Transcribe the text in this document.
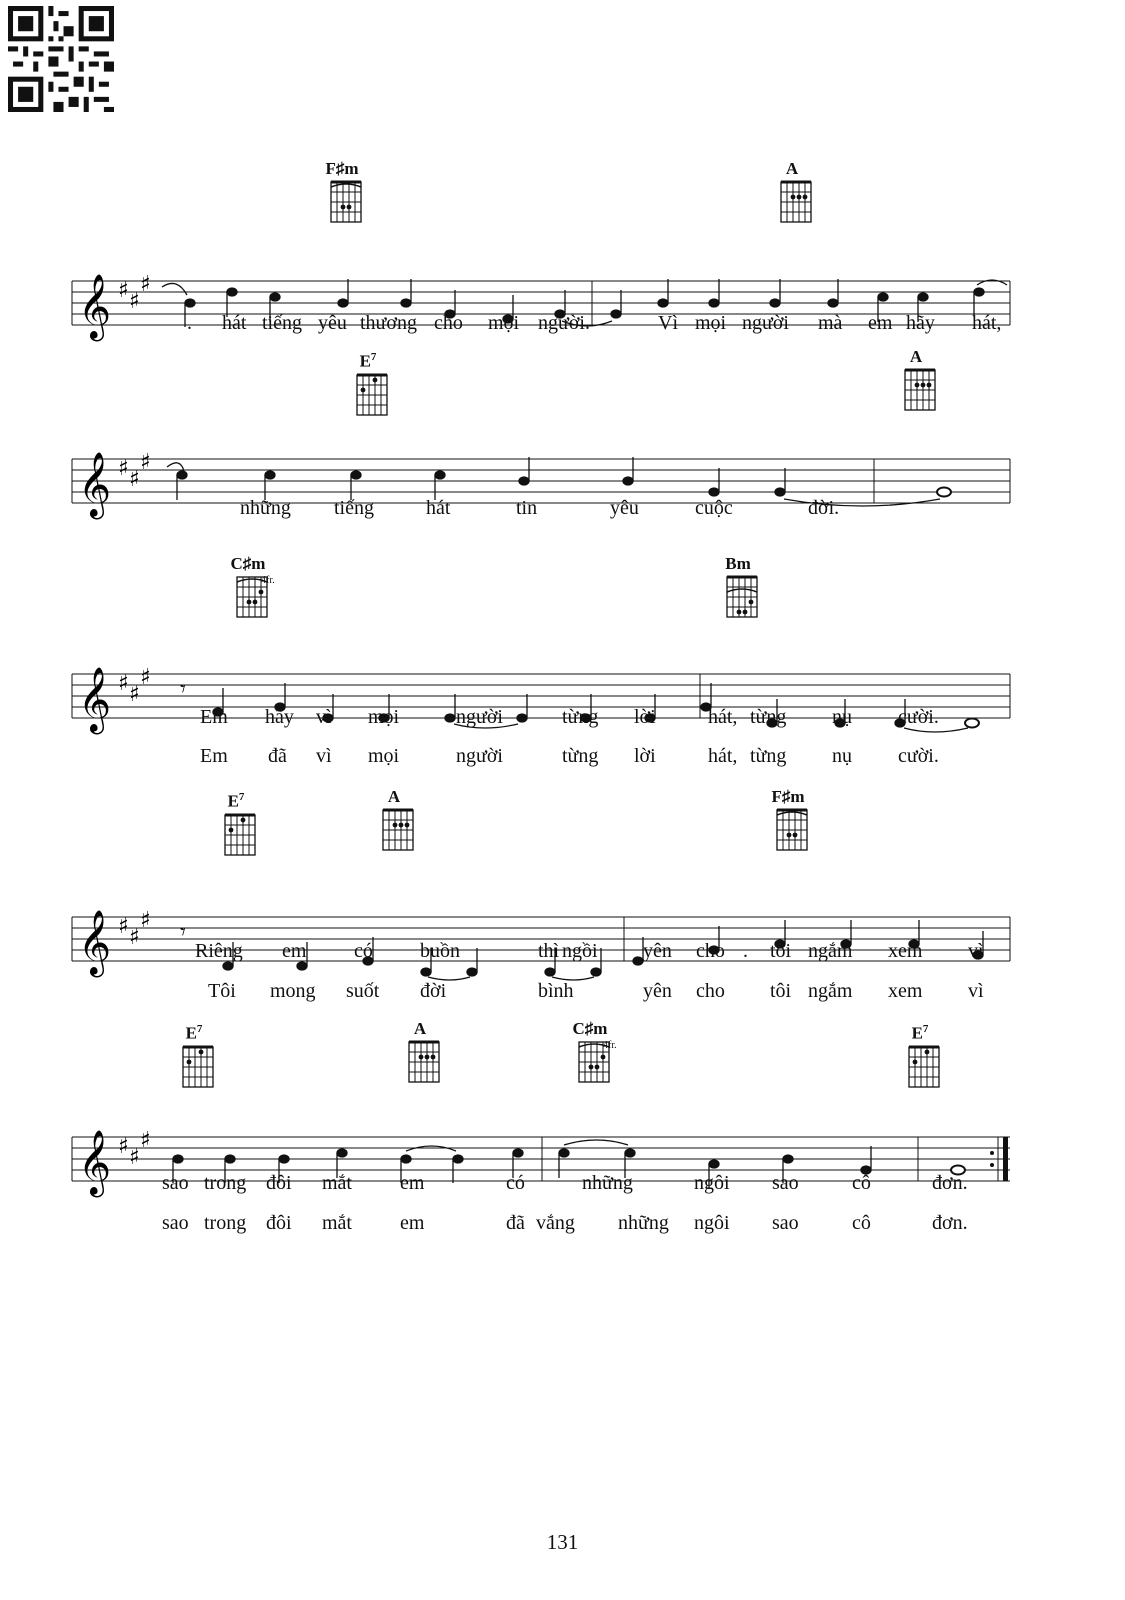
F♯m	A
𝄞 ♯ ♯
♯
$E^7$	A
𝄞 ♯ ♯
♯
C♯m
4fr.
Bm
𝄞 ♯ ♯
♯ 𝄾
$E^7$	A	F♯m
𝄞 ♯ ♯
♯ 𝄾
$E^7$	A	C♯m
4fr.
$E^7$
𝄞 ♯ ♯
♯
. hát tiếng yêu thương cho mọi người.	Vì mọi người mà em hãy hát,
những tiếng	hát	tin	yêu	cuộc	đời.
Em hãy vì mọi	người	từng lời	hát, từng nụ cười.
Em đã vì mọi	người	từng lời	hát, từng nụ cười.
Riêng em có buồn	thì ngồi yên cho . tôi ngắm xem vì
Tôi mong suốt đời	bình	yên cho tôi ngắm xem vì
sao trong đôi mắt em	có	những	ngôi sao	cô	đơn.
sao trong đôi mắt em	đã vắng những ngôi sao	cô	đơn.
131
